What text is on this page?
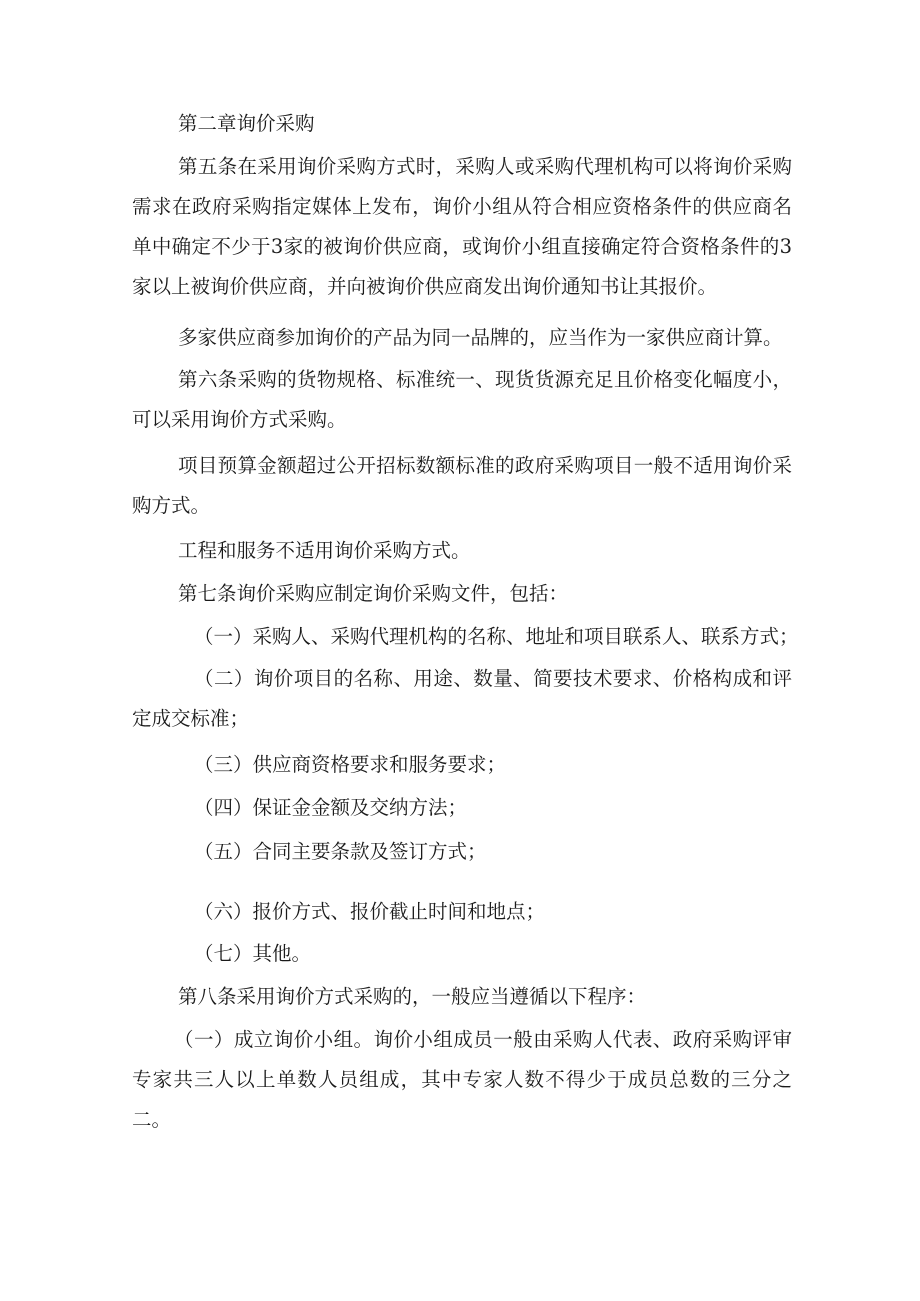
第二章询价采购

第五条在采用询价采购方式时，采购人或采购代理机构可以将询价采购需求在政府采购指定媒体上发布，询价小组从符合相应资格条件的供应商名单中确定不少于3家的被询价供应商，或询价小组直接确定符合资格条件的3家以上被询价供应商，并向被询价供应商发出询价通知书让其报价。

多家供应商参加询价的产品为同一品牌的，应当作为一家供应商计算。

第六条采购的货物规格、标准统一、现货货源充足且价格变化幅度小，可以采用询价方式采购。

项目预算金额超过公开招标数额标准的政府采购项目一般不适用询价采购方式。

工程和服务不适用询价采购方式。

第七条询价采购应制定询价采购文件，包括：

（一）采购人、采购代理机构的名称、地址和项目联系人、联系方式；

（二）询价项目的名称、用途、数量、简要技术要求、价格构成和评定成交标准；

（三）供应商资格要求和服务要求；

（四）保证金金额及交纳方法；

（五）合同主要条款及签订方式；

（六）报价方式、报价截止时间和地点；

（七）其他。

第八条采用询价方式采购的，一般应当遵循以下程序：

（一）成立询价小组。询价小组成员一般由采购人代表、政府采购评审专家共三人以上单数人员组成，其中专家人数不得少于成员总数的三分之二。
